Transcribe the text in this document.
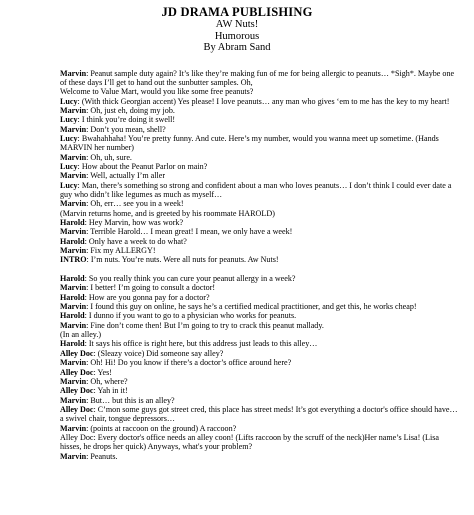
JD DRAMA PUBLISHING
AW Nuts!
Humorous
By Abram Sand

Marvin: Peanut sample duty again? It’s like they’re making fun of me for being allergic to peanuts… *Sigh*. Maybe one of these days I’ll get to hand out the sunbutter samples. Oh,

Welcome to Value Mart, would you like some free peanuts?

Lucy: (With thick Georgian accent) Yes please! I love peanuts… any man who gives ‘em to me has the key to my heart!

Marvin: Oh, just eh, doing my job.

Lucy: I think you’re doing it swell!

Marvin: Don’t you mean, shell?

Lucy: Bwahahhaha! You’re pretty funny. And cute. Here’s my number, would you wanna meet up sometime. (Hands MARVIN her number)

Marvin: Oh, uh, sure.

Lucy: How about the Peanut Parlor on main?

Marvin: Well, actually I’m aller

Lucy: Man, there’s something so strong and confident about a man who loves peanuts… I don’t think I could ever date a guy who didn’t like legumes as much as myself…

Marvin: Oh, err… see you in a week!

(Marvin returns home, and is greeted by his roommate HAROLD)

Harold: Hey Marvin, how was work?

Marvin: Terrible Harold… I mean great! I mean, we only have a week!

Harold: Only have a week to do what?

Marvin: Fix my ALLERGY!

INTRO: I’m nuts. You’re nuts. Were all nuts for peanuts. Aw Nuts!

Harold: So you really think you can cure your peanut allergy in a week?

Marvin: I better! I’m going to consult a doctor!

Harold: How are you gonna pay for a doctor?

Marvin: I found this guy on online, he says he’s a certified medical practitioner, and get this, he works cheap!

Harold: I dunno if you want to go to a physician who works for peanuts.

Marvin: Fine don’t come then! But I’m going to try to crack this peanut mallady.

(In an alley.)

Harold: It says his office is right here, but this address just leads to this alley…

Alley Doc: (Sleazy voice) Did someone say alley?

Marvin: Oh! Hi! Do you know if there’s a doctor’s office around here?

Alley Doc: Yes!

Marvin: Oh, where?

Alley Doc: Yah in it!

Marvin: But… but this is an alley?

Alley Doc: C’mon some guys got street cred, this place has street meds! It’s got everything a doctor's office should have… a swivel chair, tongue depressors…

Marvin: (points at raccoon on the ground) A raccoon?

Alley Doc: Every doctor's office needs an alley coon! (Lifts raccoon by the scruff of the neck)Her name’s Lisa! (Lisa hisses, he drops her quick) Anyways, what's your problem?

Marvin: Peanuts.
